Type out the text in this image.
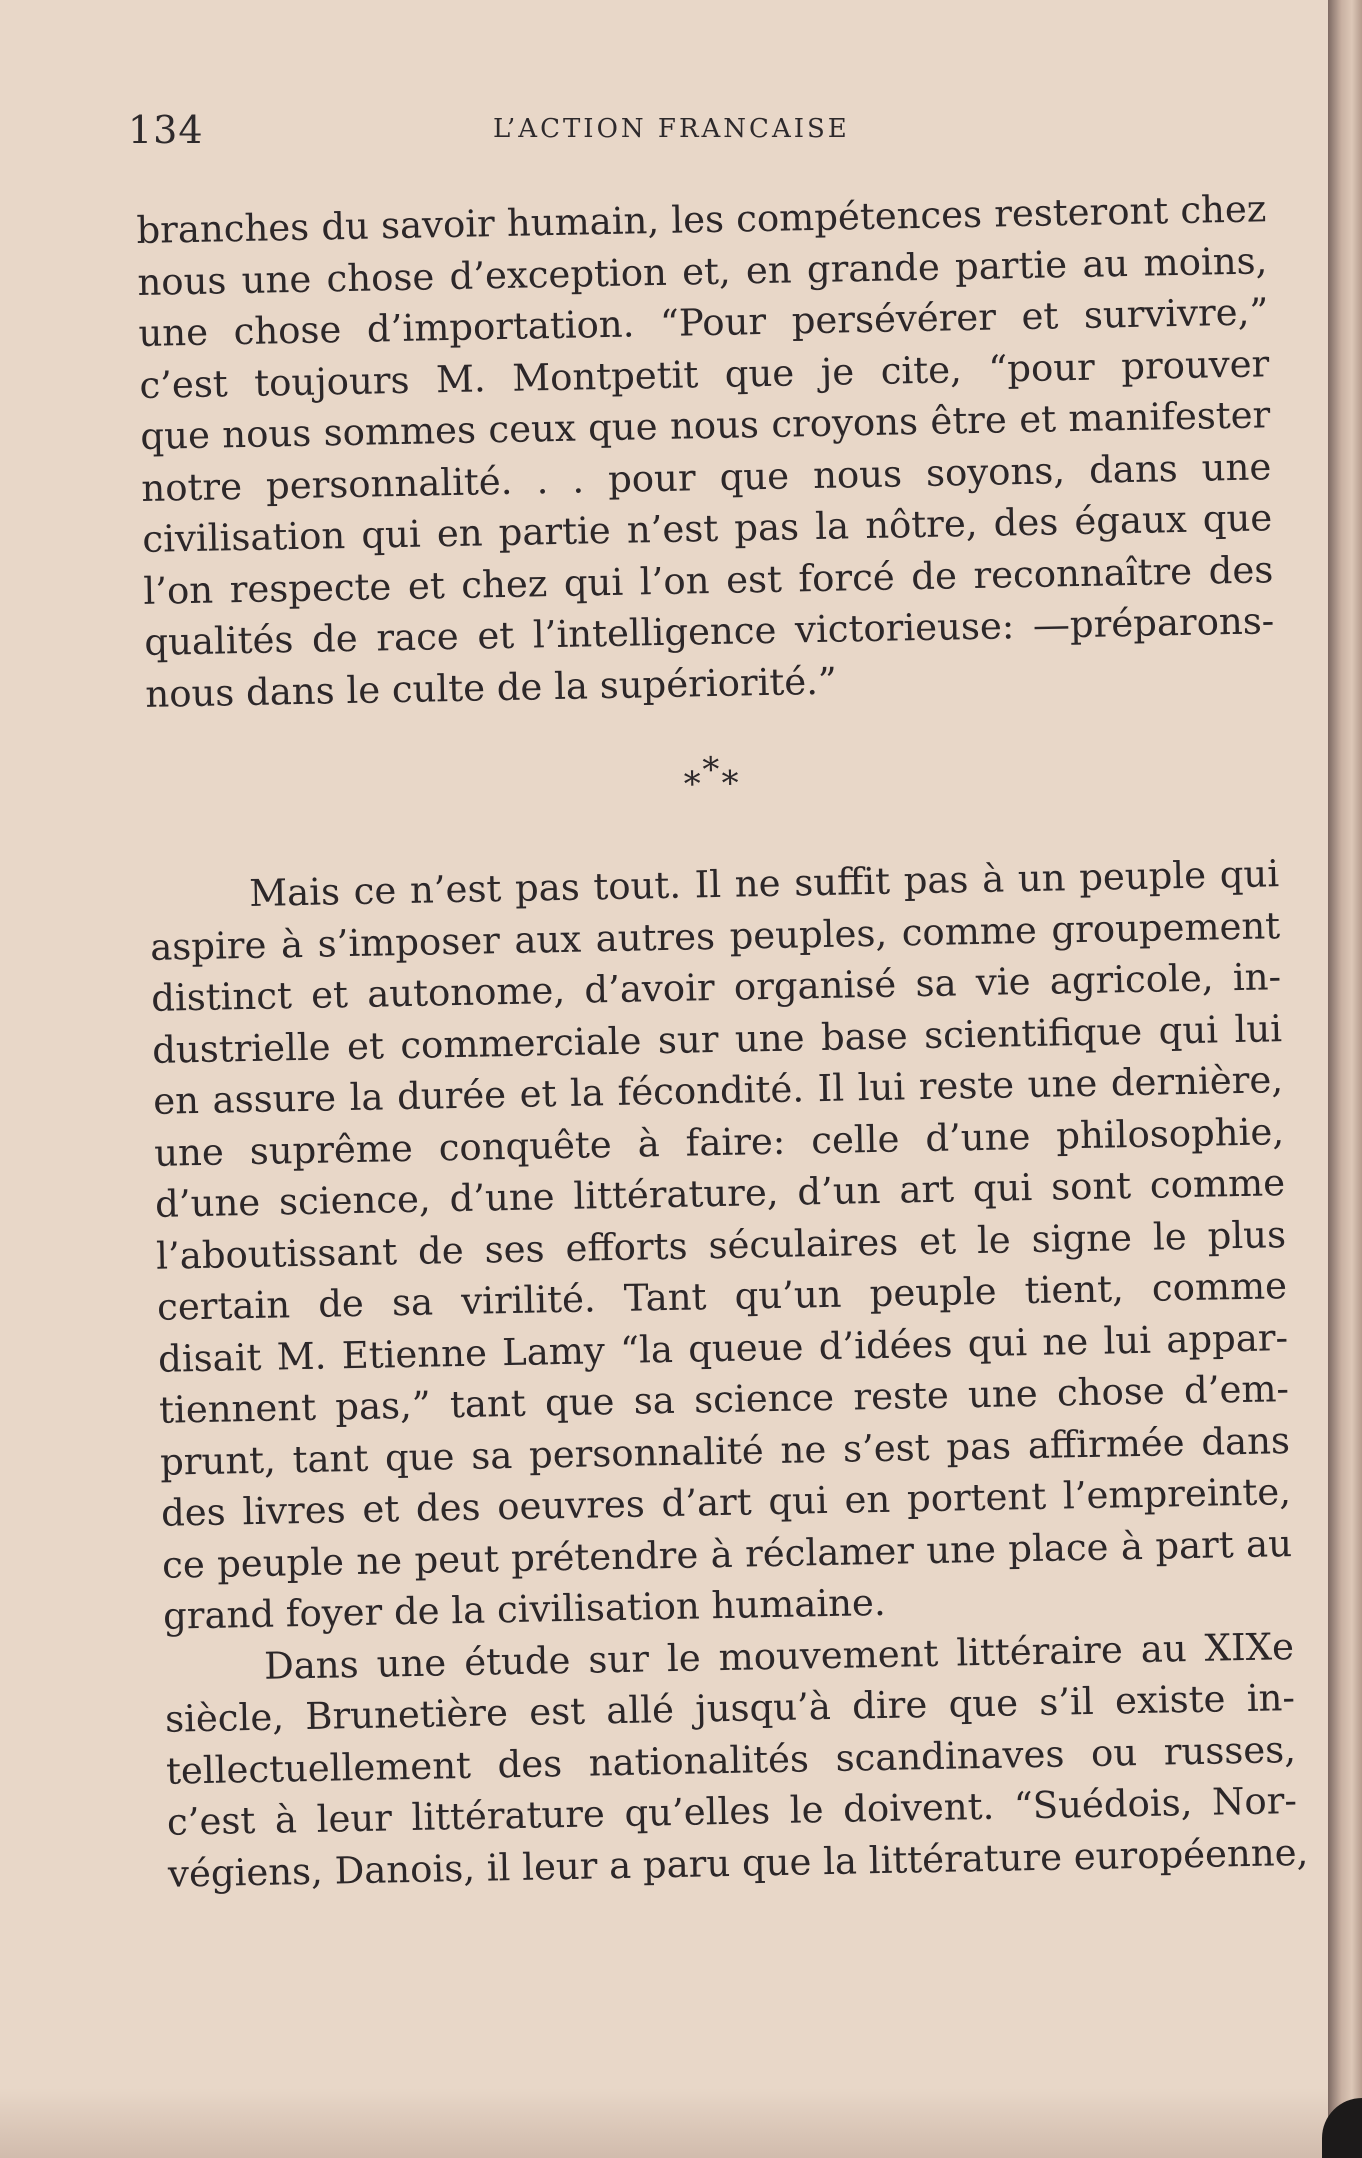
134	L’ACTION FRANCAISE
branches du savoir humain, les compétences resteront chez
nous une chose d’exception et, en grande partie au moins,
une chose d’importation. “Pour persévérer et survivre,”
c’est toujours M. Montpetit que je cite, “pour prouver
que nous sommes ceux que nous croyons être et manifester
notre personnalité. . . pour que nous soyons, dans une
civilisation qui en partie n’est pas la nôtre, des égaux que
l’on respecte et chez qui l’on est forcé de reconnaître des
qualités de race et l’intelligence victorieuse: —préparons-
nous dans le culte de la supériorité.”
***
Mais ce n’est pas tout. Il ne suffit pas à un peuple qui
aspire à s’imposer aux autres peuples, comme groupement
distinct et autonome, d’avoir organisé sa vie agricole, in-
dustrielle et commerciale sur une base scientifique qui lui
en assure la durée et la fécondité. Il lui reste une dernière,
une suprême conquête à faire: celle d’une philosophie,
d’une science, d’une littérature, d’un art qui sont comme
l’aboutissant de ses efforts séculaires et le signe le plus
certain de sa virilité. Tant qu’un peuple tient, comme
disait M. Etienne Lamy “la queue d’idées qui ne lui appar-
tiennent pas,” tant que sa science reste une chose d’em-
prunt, tant que sa personnalité ne s’est pas affirmée dans
des livres et des oeuvres d’art qui en portent l’empreinte,
ce peuple ne peut prétendre à réclamer une place à part au
grand foyer de la civilisation humaine.
Dans une étude sur le mouvement littéraire au XIXe
siècle, Brunetière est allé jusqu’à dire que s’il existe in-
tellectuellement des nationalités scandinaves ou russes,
c’est à leur littérature qu’elles le doivent. “Suédois, Nor-
végiens, Danois, il leur a paru que la littérature européenne,
